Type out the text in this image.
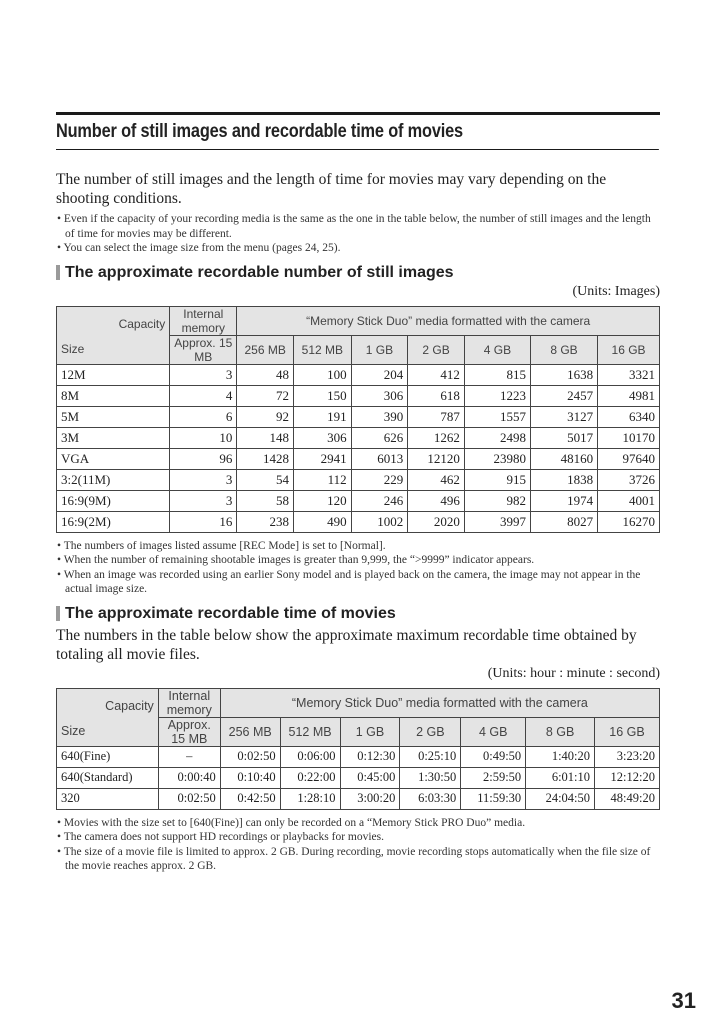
Number of still images and recordable time of movies

The number of still images and the length of time for movies may vary depending on the shooting conditions.

• Even if the capacity of your recording media is the same as the one in the table below, the number of still images and the length of time for movies may be different.

• You can select the image size from the menu (pages 24, 25).

The approximate recordable number of still images
(Units: Images)
Capacity
Size	Internal memory	“Memory Stick Duo” media formatted with the camera						
	Approx. 15 MB	256 MB	512 MB	1 GB	2 GB	4 GB	8 GB	16 GB
12M	3	48	100	204	412	815	1638	3321
8M	4	72	150	306	618	1223	2457	4981
5M	6	92	191	390	787	1557	3127	6340
3M	10	148	306	626	1262	2498	5017	10170
VGA	96	1428	2941	6013	12120	23980	48160	97640
3:2(11M)	3	54	112	229	462	915	1838	3726
16:9(9M)	3	58	120	246	496	982	1974	4001
16:9(2M)	16	238	490	1002	2020	3997	8027	16270

• The numbers of images listed assume [REC Mode] is set to [Normal].

• When the number of remaining shootable images is greater than 9,999, the “>9999” indicator appears.

• When an image was recorded using an earlier Sony model and is played back on the camera, the image may not appear in the actual image size.

The approximate recordable time of movies

The numbers in the table below show the approximate maximum recordable time obtained by totaling all movie files.

(Units: hour : minute : second)
Capacity
Size	Internal memory	“Memory Stick Duo” media formatted with the camera						
	Approx. 15 MB	256 MB	512 MB	1 GB	2 GB	4 GB	8 GB	16 GB
640(Fine)	–	0:02:50	0:06:00	0:12:30	0:25:10	0:49:50	1:40:20	3:23:20
640(Standard)	0:00:40	0:10:40	0:22:00	0:45:00	1:30:50	2:59:50	6:01:10	12:12:20
320	0:02:50	0:42:50	1:28:10	3:00:20	6:03:30	11:59:30	24:04:50	48:49:20

• Movies with the size set to [640(Fine)] can only be recorded on a “Memory Stick PRO Duo” media.

• The camera does not support HD recordings or playbacks for movies.

• The size of a movie file is limited to approx. 2 GB. During recording, movie recording stops automatically when the file size of the movie reaches approx. 2 GB.

31
